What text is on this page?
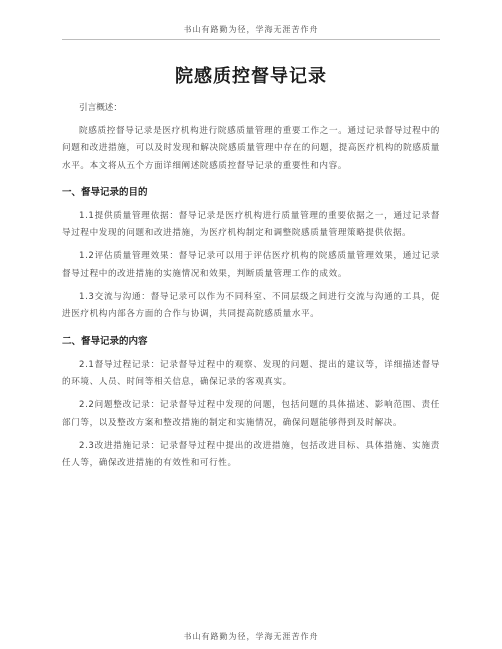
书山有路勤为径，学海无涯苦作舟
院感质控督导记录

引言概述：

院感质控督导记录是医疗机构进行院感质量管理的重要工作之一。通过记录督导过程中的问题和改进措施，可以及时发现和解决院感质量管理中存在的问题，提高医疗机构的院感质量水平。本文将从五个方面详细阐述院感质控督导记录的重要性和内容。

一、督导记录的目的

1.1提供质量管理依据：督导记录是医疗机构进行质量管理的重要依据之一，通过记录督导过程中发现的问题和改进措施，为医疗机构制定和调整院感质量管理策略提供依据。

1.2评估质量管理效果：督导记录可以用于评估医疗机构的院感质量管理效果，通过记录督导过程中的改进措施的实施情况和效果，判断质量管理工作的成效。

1.3交流与沟通：督导记录可以作为不同科室、不同层级之间进行交流与沟通的工具，促进医疗机构内部各方面的合作与协调，共同提高院感质量水平。

二、督导记录的内容

2.1督导过程记录：记录督导过程中的观察、发现的问题、提出的建议等，详细描述督导的环境、人员、时间等相关信息，确保记录的客观真实。

2.2问题整改记录：记录督导过程中发现的问题，包括问题的具体描述、影响范围、责任部门等，以及整改方案和整改措施的制定和实施情况，确保问题能够得到及时解决。

2.3改进措施记录：记录督导过程中提出的改进措施，包括改进目标、具体措施、实施责任人等，确保改进措施的有效性和可行性。

书山有路勤为径，学海无涯苦作舟
